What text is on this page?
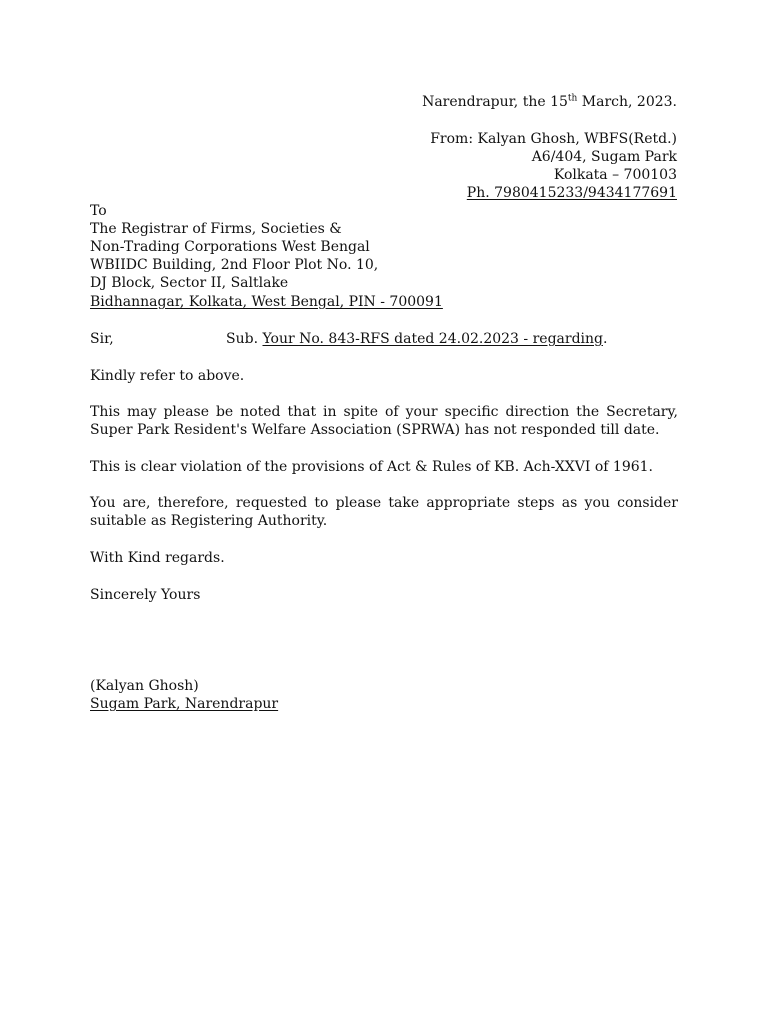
Narendrapur, the 15th March, 2023.
From: Kalyan Ghosh, WBFS(Retd.)
A6/404, Sugam Park
Kolkata – 700103
Ph. 7980415233/9434177691
To
The Registrar of Firms, Societies &
Non-Trading Corporations West Bengal
WBIIDC Building, 2nd Floor Plot No. 10,
DJ Block, Sector II, Saltlake
Bidhannagar, Kolkata, West Bengal, PIN - 700091
Sir,	Sub. Your No. 843-RFS dated 24.02.2023 - regarding.
Kindly refer to above.
This may please be noted that in spite of your specific direction the Secretary, Super Park Resident's Welfare Association (SPRWA) has not responded till date.
This is clear violation of the provisions of Act & Rules of KB. Ach-XXVI of 1961.
You are, therefore, requested to please take appropriate steps as you consider suitable as Registering Authority.
With Kind regards.
Sincerely Yours
(Kalyan Ghosh)
Sugam Park, Narendrapur
